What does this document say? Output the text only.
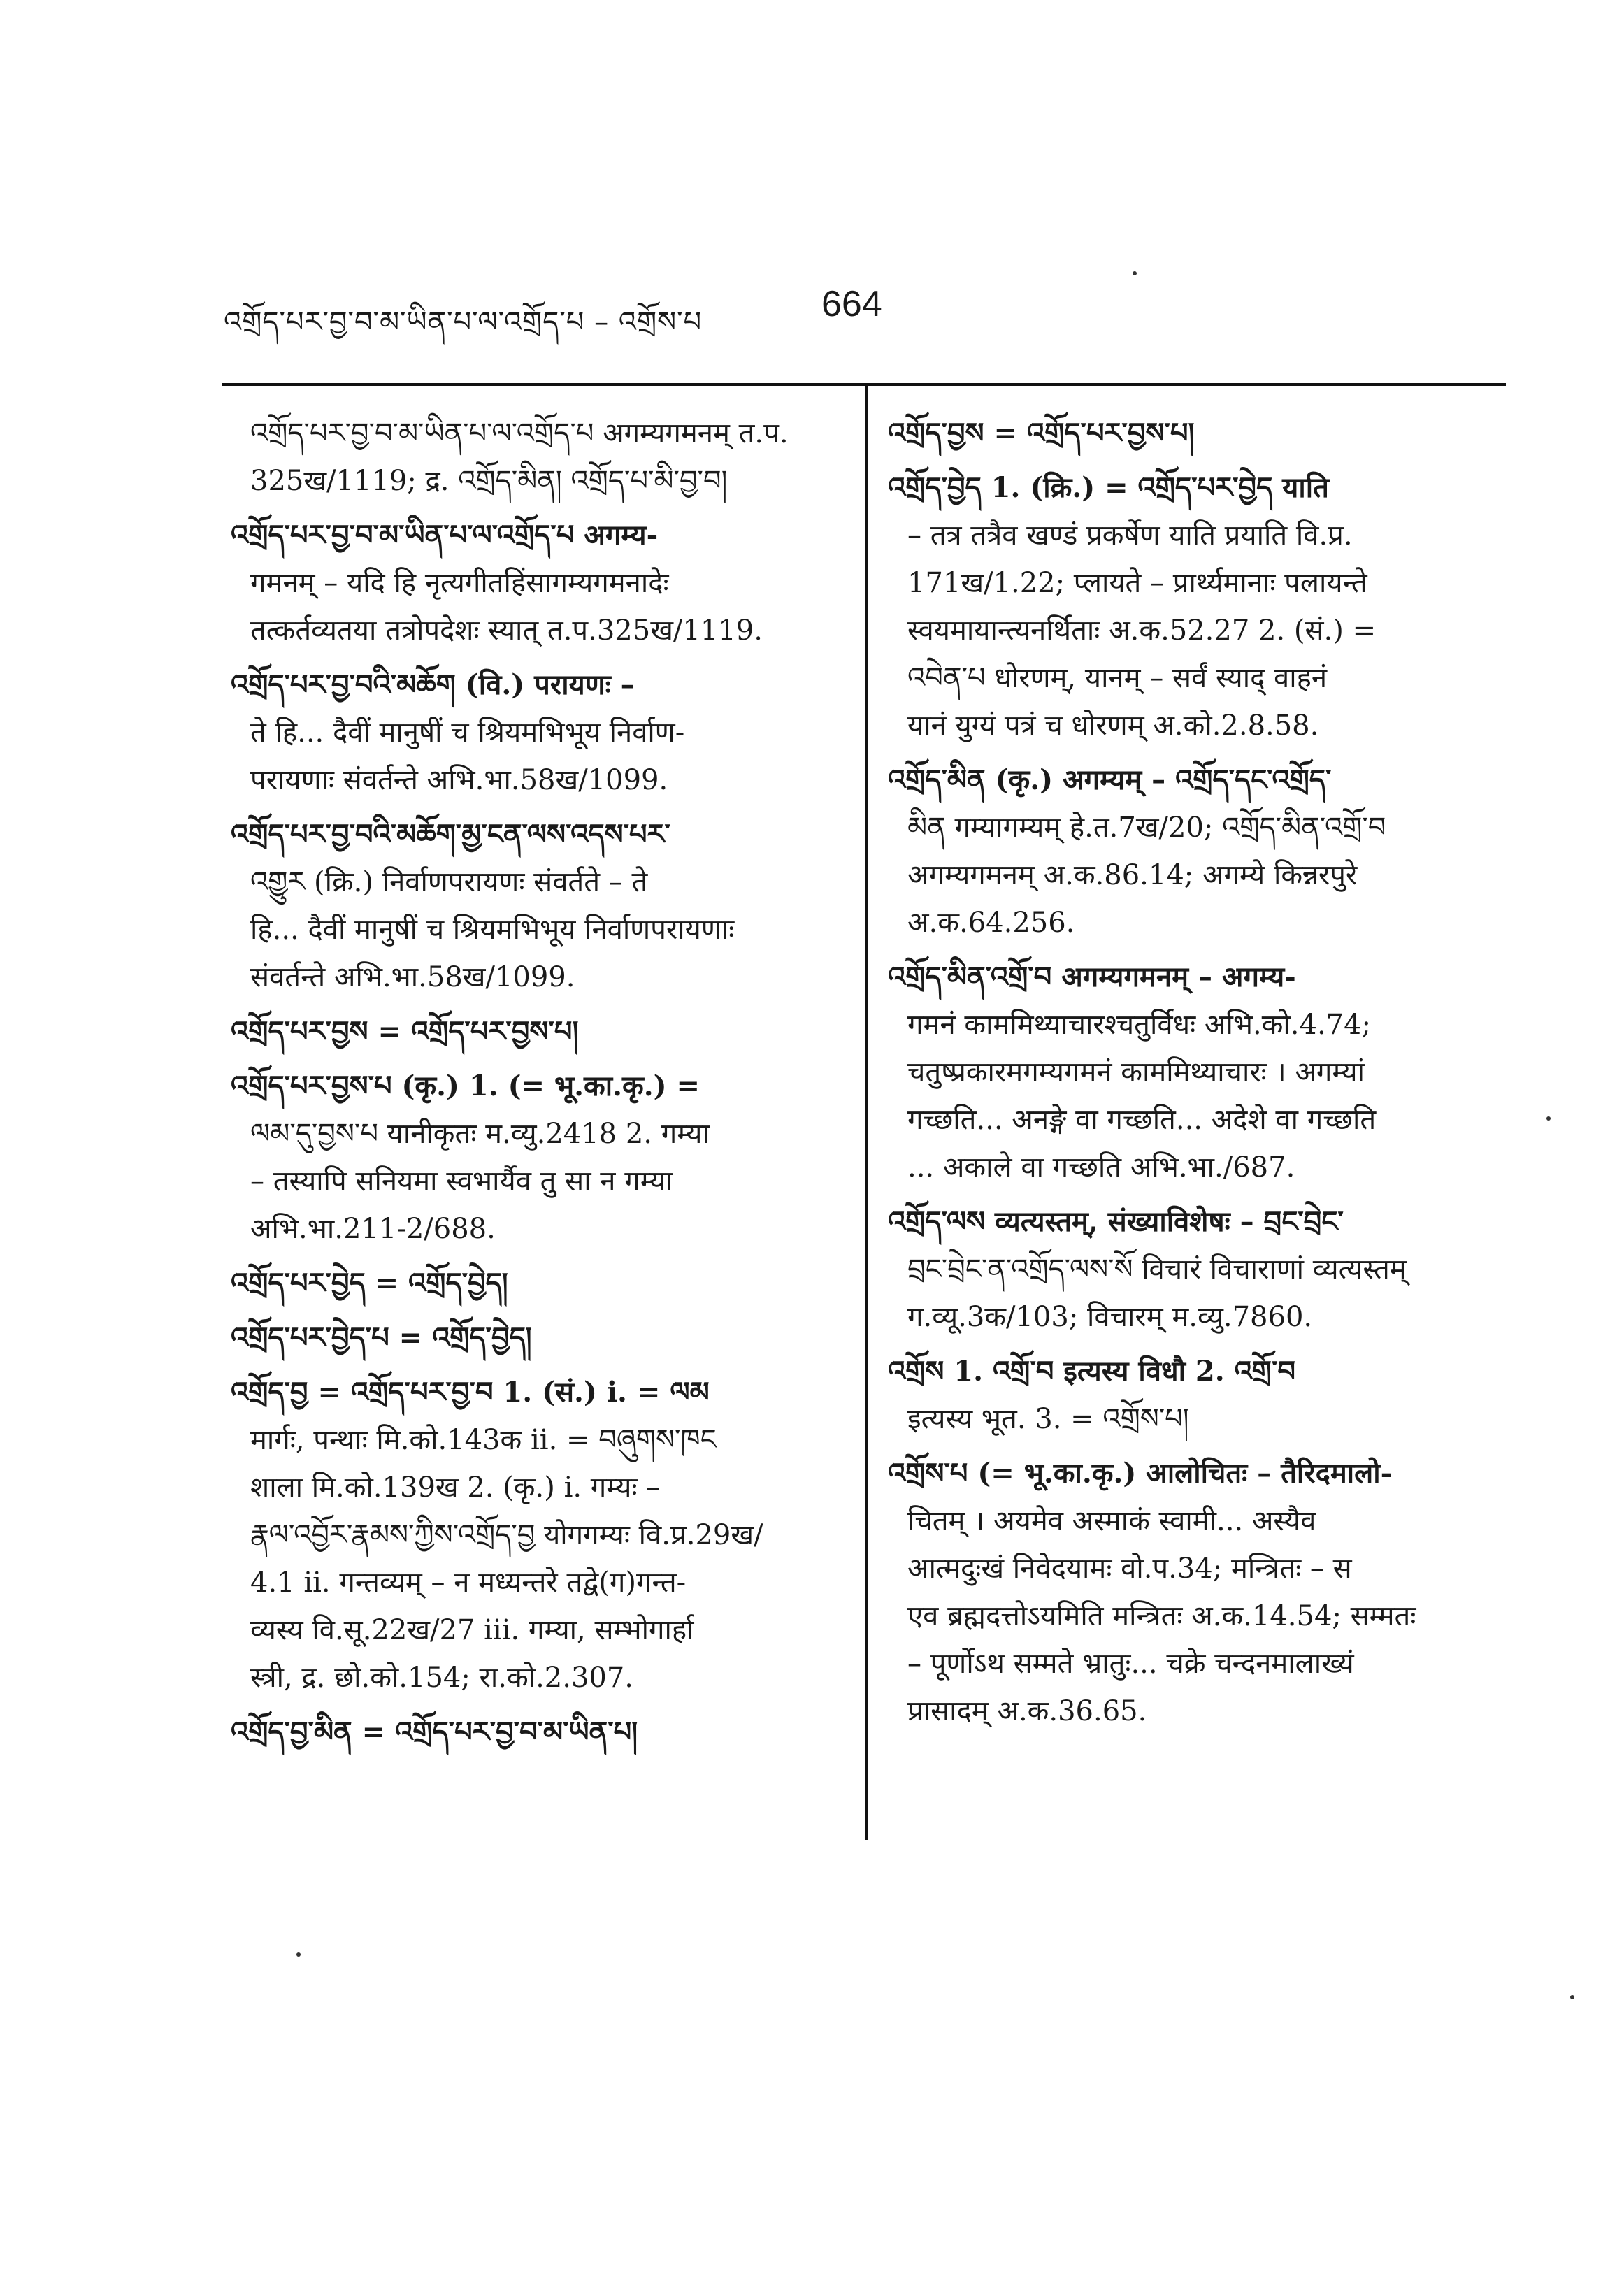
འགྲོད་པར་བྱ་བ་མ་ཡིན་པ་ལ་འགྲོད་པ – འགྲོས་པ	664
འགྲོད་པར་བྱ་བ་མ་ཡིན་པ་ལ་འགྲོད་པ अगम्यगमनम् त.प.
325ख/1119; द्र. འགྲོད་མིན། འགྲོད་པ་མི་བྱ་བ།
འགྲོད་པར་བྱ་བ་མ་ཡིན་པ་ལ་འགྲོད་པ अगम्य-
गमनम् – यदि हि नृत्यगीतहिंसागम्यगमनादेः
तत्कर्तव्यतया तत्रोपदेशः स्यात् त.प.325ख/1119.
འགྲོད་པར་བྱ་བའི་མཆོག (वि.) परायणः –
ते हि... दैवीं मानुषीं च श्रियमभिभूय निर्वाण-
परायणाः संवर्तन्ते अभि.भा.58ख/1099.
འགྲོད་པར་བྱ་བའི་མཆོག་མྱ་ངན་ལས་འདས་པར་
འགྱུར (क्रि.) निर्वाणपरायणः संवर्तते – ते
हि... दैवीं मानुषीं च श्रियमभिभूय निर्वाणपरायणाः
संवर्तन्ते अभि.भा.58ख/1099.
འགྲོད་པར་བྱས = འགྲོད་པར་བྱས་པ།
འགྲོད་པར་བྱས་པ (कृ.) 1. (= भू.का.कृ.) =
ལམ་དུ་བྱས་པ यानीकृतः म.व्यु.2418 2. गम्या
– तस्यापि सनियमा स्वभार्यैव तु सा न गम्या
अभि.भा.211-2/688.
འགྲོད་པར་བྱེད = འགྲོད་བྱེད།
འགྲོད་པར་བྱེད་པ = འགྲོད་བྱེད།
འགྲོད་བྱ = འགྲོད་པར་བྱ་བ 1. (सं.) i. = ལམ
मार्गः, पन्थाः मि.को.143क ii. = བཞུགས་ཁང
शाला मि.को.139ख 2. (कृ.) i. गम्यः –
རྣལ་འབྱོར་རྣམས་ཀྱིས་འགྲོད་བྱ योगगम्यः वि.प्र.29ख/
4.1 ii. गन्तव्यम् – न मध्यन्तरे तद्वे(ग)गन्त-
व्यस्य वि.सू.22ख/27 iii. गम्या, सम्भोगार्हा
स्त्री, द्र. छो.को.154; रा.को.2.307.
འགྲོད་བྱ་མིན = འགྲོད་པར་བྱ་བ་མ་ཡིན་པ།
འགྲོད་བྱས = འགྲོད་པར་བྱས་པ།
འགྲོད་བྱེད 1. (क्रि.) = འགྲོད་པར་བྱེད याति
– तत्र तत्रैव खण्डं प्रकर्षेण याति प्रयाति वि.प्र.
171ख/1.22; प्लायते – प्रार्थ्यमानाः पलायन्ते
स्वयमायान्त्यनर्थिताः अ.क.52.27 2. (सं.) =
འབེན་པ धोरणम्, यानम् – सर्वं स्याद् वाहनं
यानं युग्यं पत्रं च धोरणम् अ.को.2.8.58.
འགྲོད་མིན (कृ.) अगम्यम् – འགྲོད་དང་འགྲོད་
མིན गम्यागम्यम् हे.त.7ख/20; འགྲོད་མིན་འགྲོ་བ
अगम्यगमनम् अ.क.86.14; अगम्ये किन्नरपुरे
अ.क.64.256.
འགྲོད་མིན་འགྲོ་བ अगम्यगमनम् – अगम्य-
गमनं काममिथ्याचारश्चतुर्विधः अभि.को.4.74;
चतुष्प्रकारमगम्यगमनं काममिथ्याचारः । अगम्यां
गच्छति... अनङ्गे वा गच्छति... अदेशे वा गच्छति
... अकाले वा गच्छति अभि.भा./687.
འགྲོད་ལས व्यत्यस्तम्, संख्याविशेषः – བྲང་བྲེང་
བྲང་བྲེང་ན་འགྲོད་ལས་སོ विचारं विचाराणां व्यत्यस्तम्
ग.व्यू.3क/103; विचारम् म.व्यु.7860.
འགྲོས 1. འགྲོ་བ इत्यस्य विधौ 2. འགྲོ་བ
इत्यस्य भूत. 3. = འགྲོས་པ།
འགྲོས་པ (= भू.का.कृ.) आलोचितः – तैरिदमालो-
चितम् । अयमेव अस्माकं स्वामी... अस्यैव
आत्मदुःखं निवेदयामः वो.प.34; मन्त्रितः – स
एव ब्रह्मदत्तोऽयमिति मन्त्रितः अ.क.14.54; सम्मतः
– पूर्णोऽथ सम्मते भ्रातुः... चक्रे चन्दनमालाख्यं
प्रासादम् अ.क.36.65.
